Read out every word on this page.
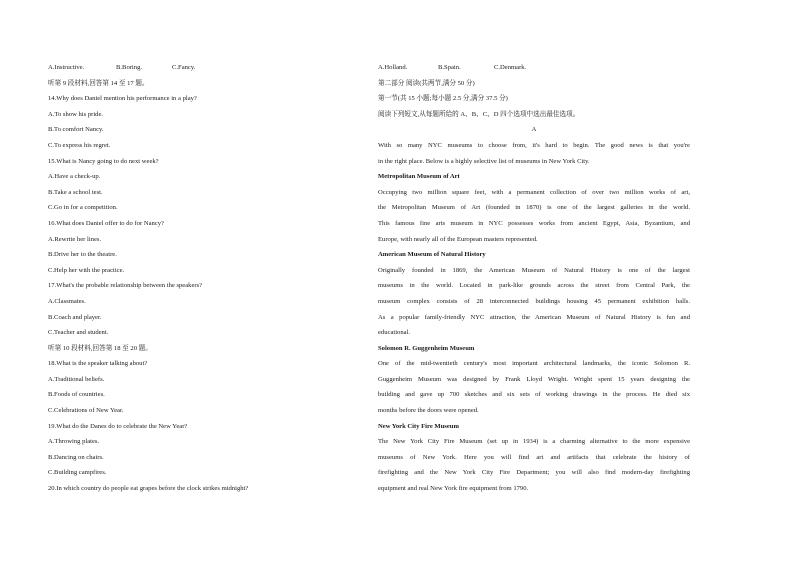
A.Instructive.	B.Boring.	C.Fancy.
听第 9 段材料,回答第 14 至 17 题。
14.Why does Daniel mention his performance in a play?
A.To show his pride.
B.To comfort Nancy.
C.To express his regret.
15.What is Nancy going to do next week?
A.Have a check-up.
B.Take a school test.
C.Go in for a competition.
16.What does Daniel offer to do for Nancy?
A.Rewrite her lines.
B.Drive her to the theatre.
C.Help her with the practice.
17.What's the probable relationship between the speakers?
A.Classmates.
B.Coach and player.
C.Teacher and student.
听第 10 段材料,回答第 18 至 20 题。
18.What is the speaker talking about?
A.Traditional beliefs.
B.Foods of countries.
C.Celebrations of New Year.
19.What do the Danes do to celebrate the New Year?
A.Throwing plates.
B.Dancing on chairs.
C.Building campfires.
20.In which country do people eat grapes before the clock strikes midnight?
A.Holland.	B.Spain.	C.Denmark.
第二部分 阅读(共两节,满分 50 分)
第一节(共 15 小题;每小题 2.5 分,满分 37.5 分)
阅读下列短文,从每题所给的 A、B、C、D 四个选项中选出最佳选项。
A
With so many NYC museums to choose from, it's hard to begin. The good news is that you're
in the right place. Below is a highly selective list of museums in New York City.
Metropolitan Museum of Art
Occupying two million square feet, with a permanent collection of over two million works of art,
the Metropolitan Museum of Art (founded in 1870) is one of the largest galleries in the world.
This famous fine arts museum in NYC possesses works from ancient Egypt, Asia, Byzantium, and
Europe, with nearly all of the European masters represented.
American Museum of Natural History
Originally founded in 1869, the American Museum of Natural History is one of the largest
museums in the world. Located in park-like grounds across the street from Central Park, the
museum complex consists of 28 interconnected buildings housing 45 permanent exhibition halls.
As a popular family-friendly NYC attraction, the American Museum of Natural History is fun and
educational.
Solomon R. Guggenheim Museum
One of the mid-twentieth century's most important architectural landmarks, the iconic Solomon R.
Guggenheim Museum was designed by Frank Lloyd Wright. Wright spent 15 years designing the
building and gave up 700 sketches and six sets of working drawings in the process. He died six
months before the doors were opened.
New York City Fire Museum
The New York City Fire Museum (set up in 1934) is a charming alternative to the more expensive
museums of New York. Here you will find art and artifacts that celebrate the history of
firefighting and the New York City Fire Department; you will also find modern-day firefighting
equipment and real New York fire equipment from 1790.
